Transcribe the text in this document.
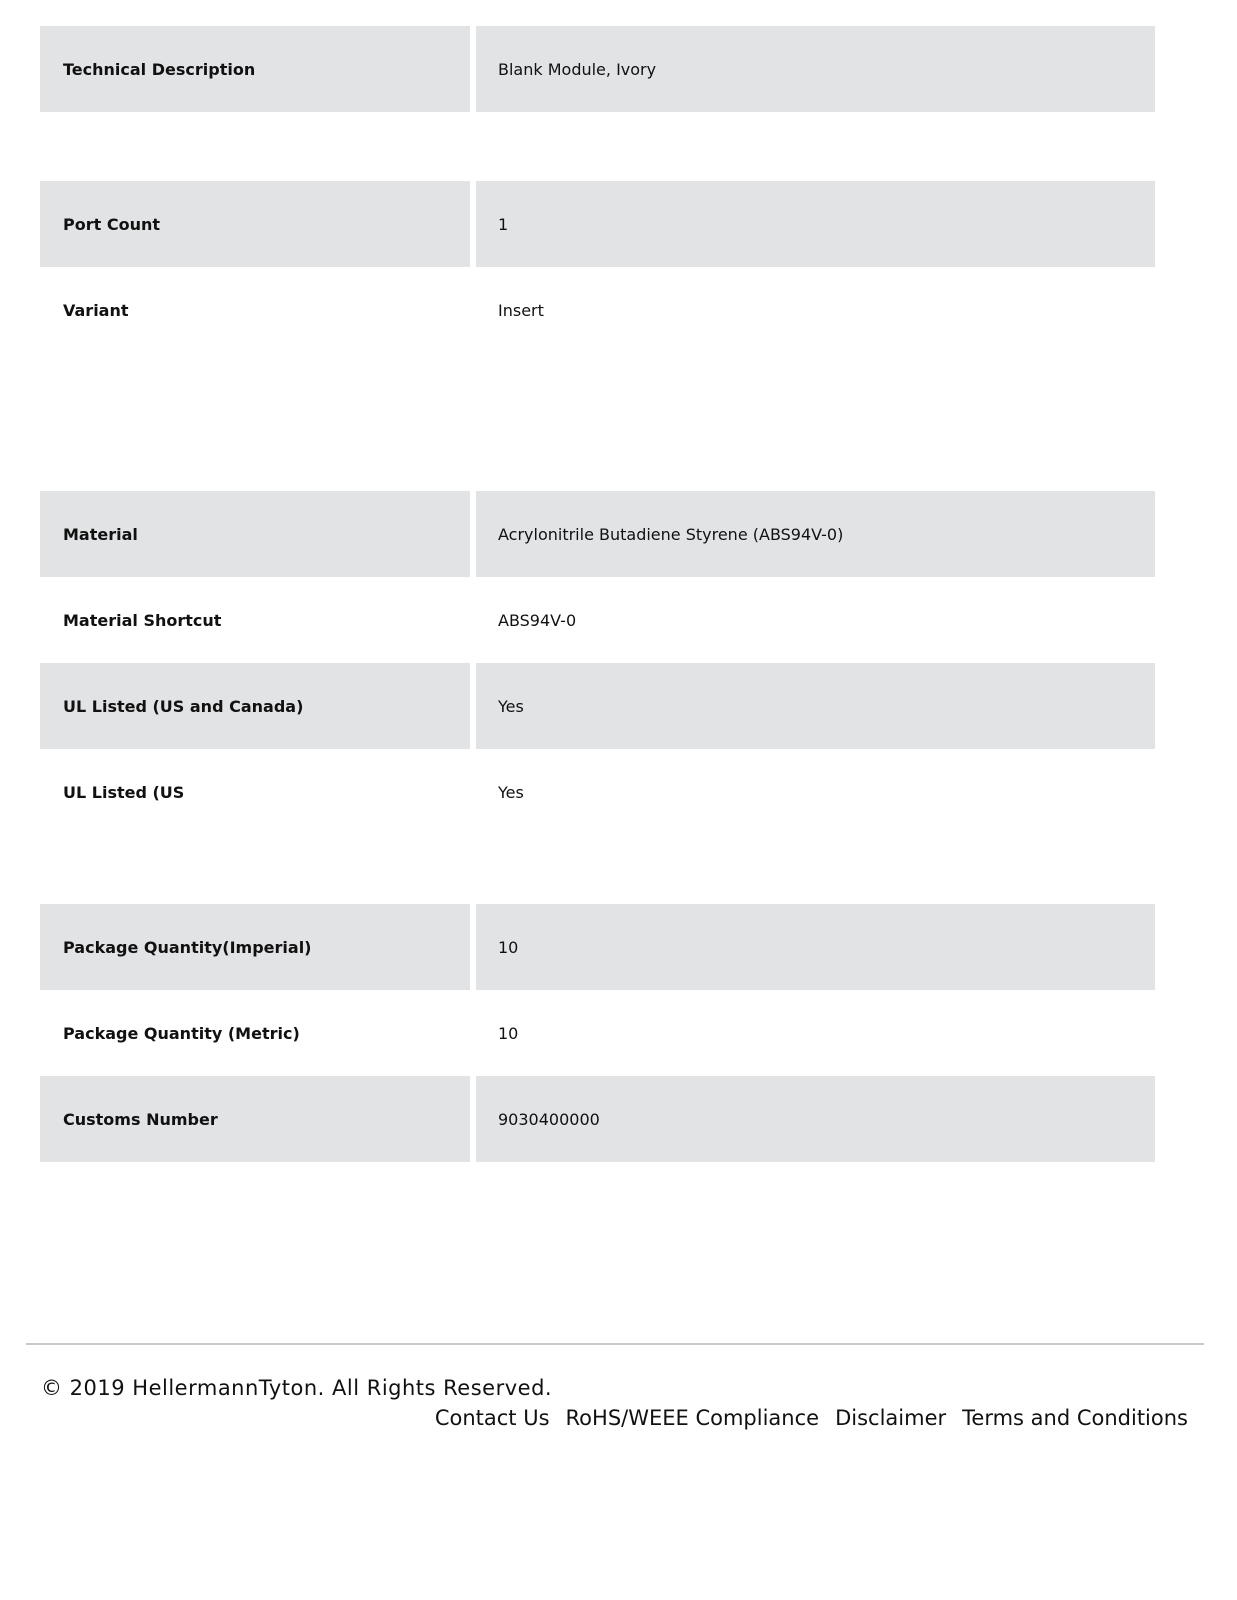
Technical Description	Blank Module, Ivory
Port Count	1
Variant	Insert
Material	Acrylonitrile Butadiene Styrene (ABS94V-0)
Material Shortcut	ABS94V-0
UL Listed (US and Canada)	Yes
UL Listed (US	Yes
Package Quantity(Imperial)	10
Package Quantity (Metric)	10
Customs Number	9030400000
© 2019 HellermannTyton. All Rights Reserved.
Contact Us RoHS/WEEE Compliance Disclaimer Terms and Conditions
